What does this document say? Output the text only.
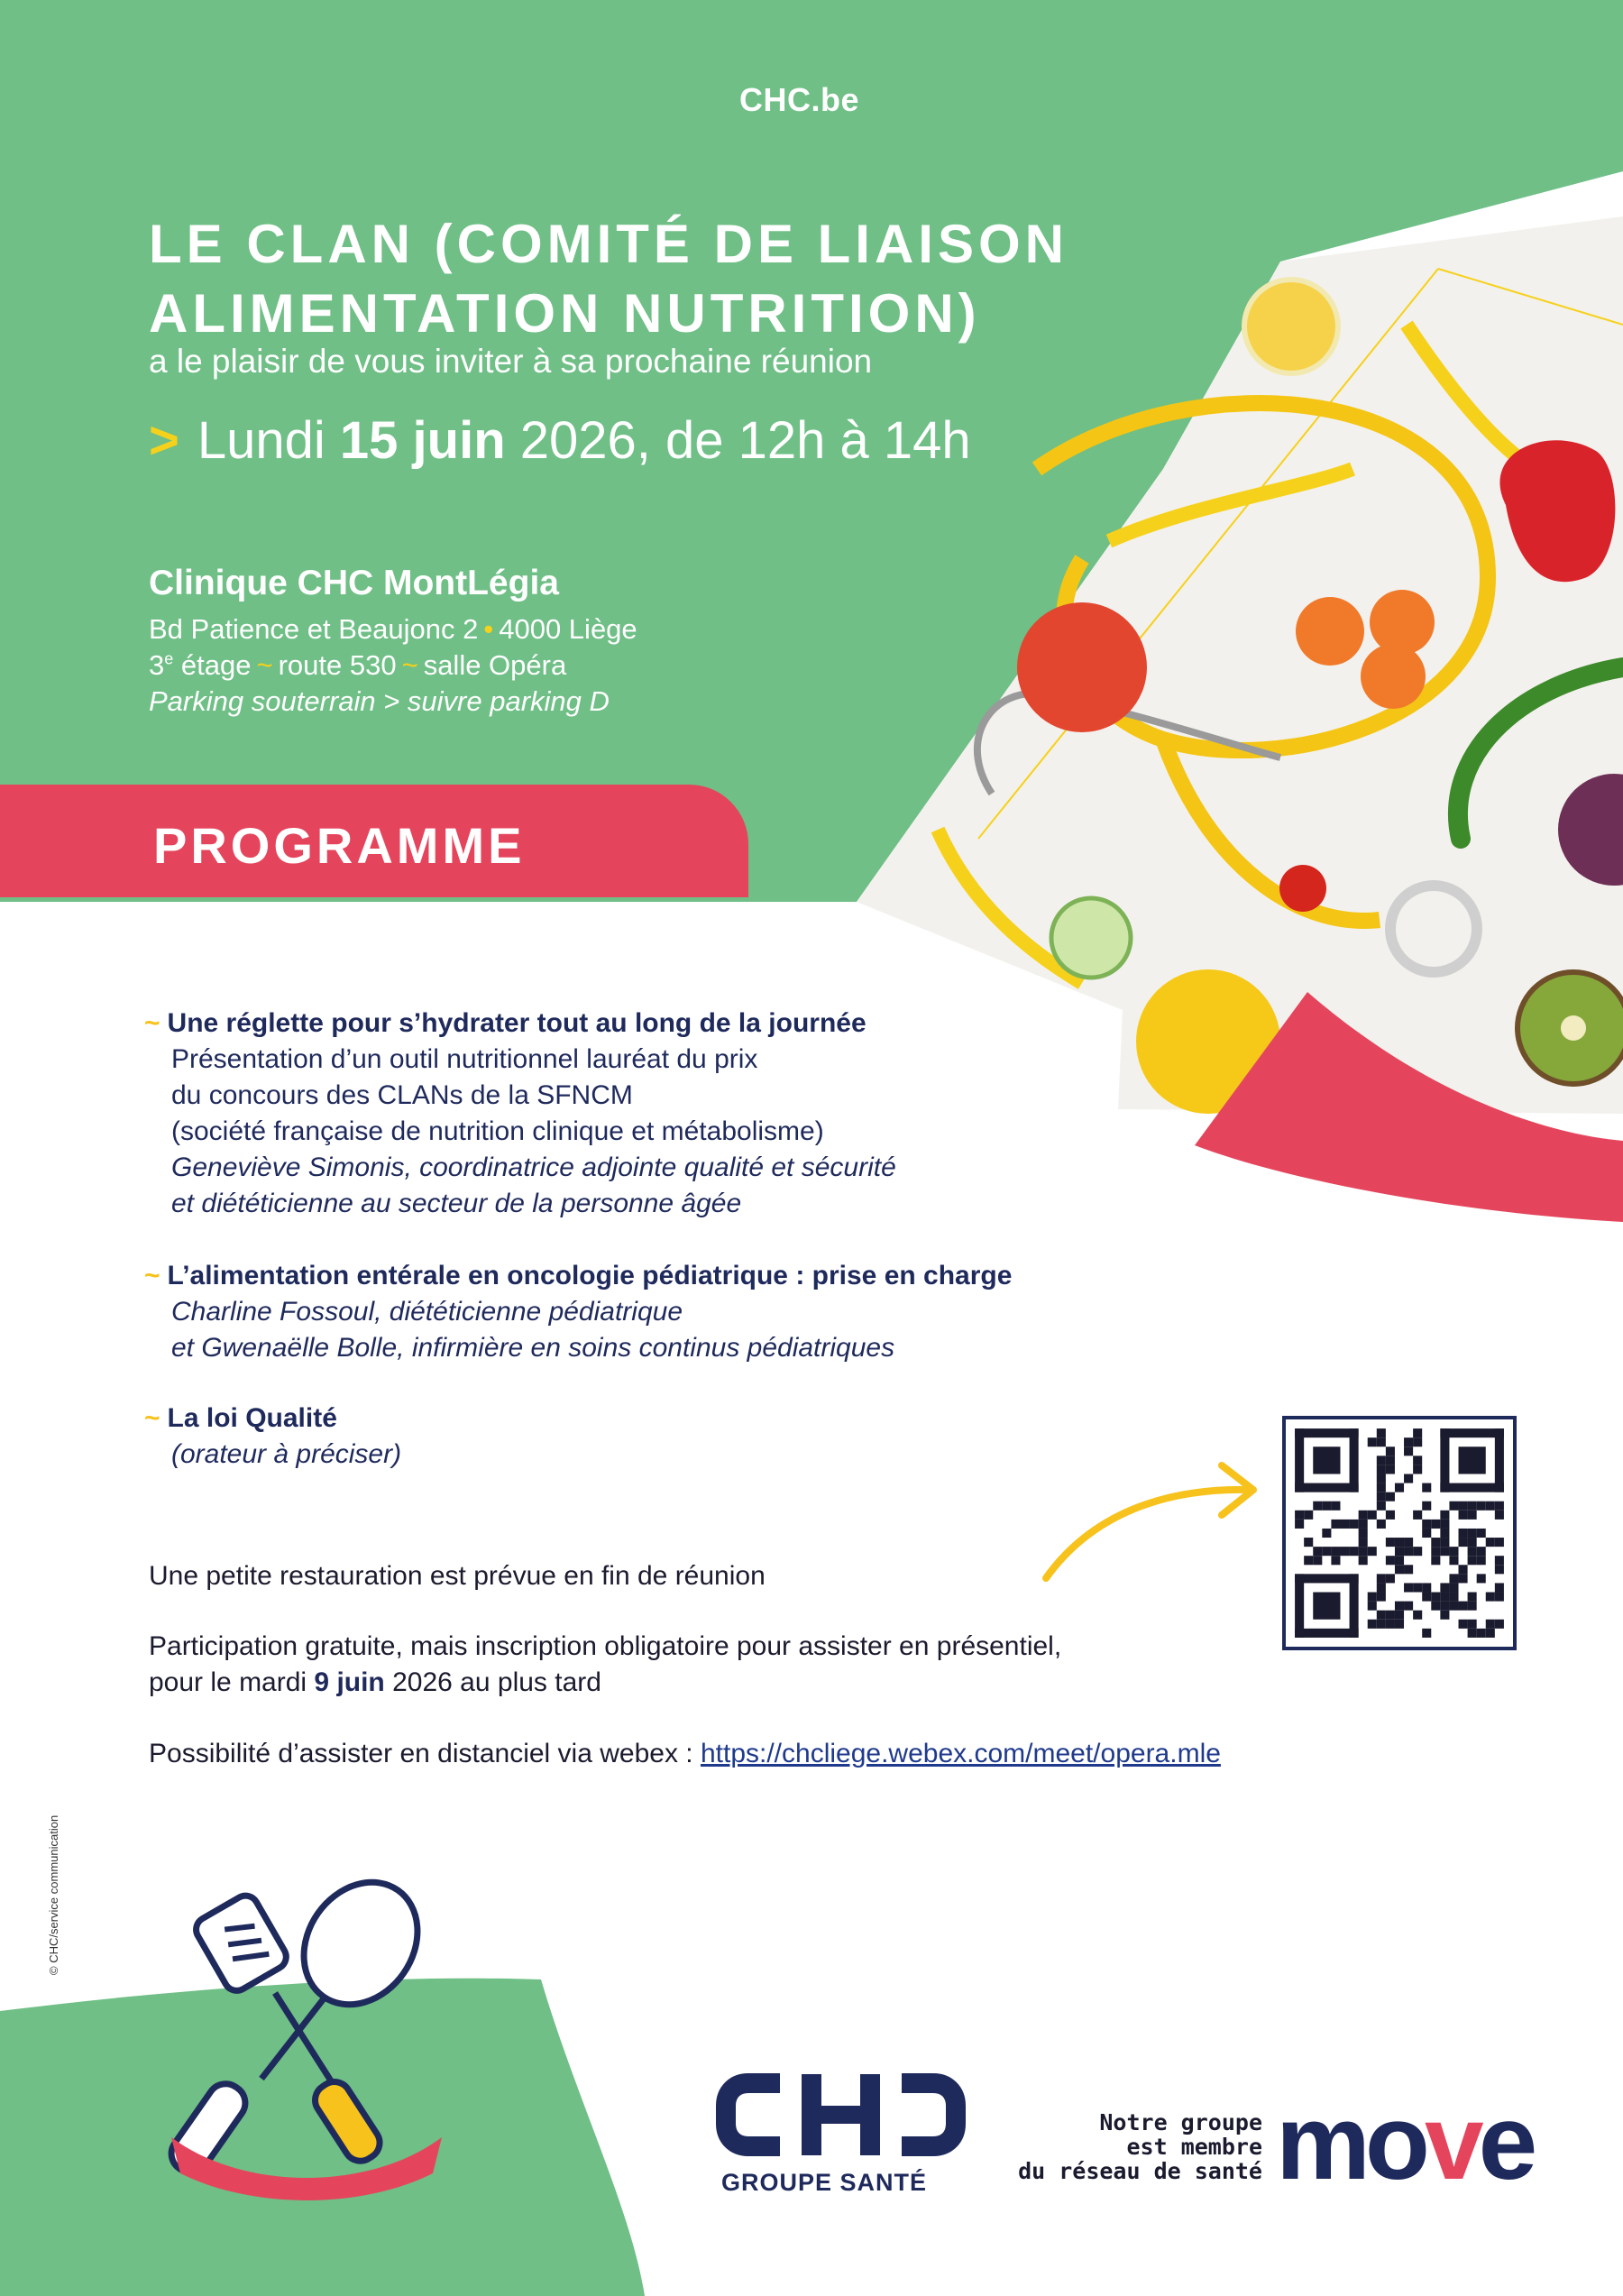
CHC.be
LE CLAN (COMITÉ DE LIAISON
ALIMENTATION NUTRITION)
a le plaisir de vous inviter à sa prochaine réunion
> Lundi 15 juin 2026, de 12h à 14h
Clinique CHC MontLégia
Bd Patience et Beaujonc 2 • 4000 Liège
3e étage ~ route 530 ~ salle Opéra
Parking souterrain > suivre parking D
PROGRAMME
~ Une réglette pour s’hydrater tout au long de la journée
Présentation d’un outil nutritionnel lauréat du prix
du concours des CLANs de la SFNCM
(société française de nutrition clinique et métabolisme)
Geneviève Simonis, coordinatrice adjointe qualité et sécurité
et diététicienne au secteur de la personne âgée
~ L’alimentation entérale en oncologie pédiatrique : prise en charge
Charline Fossoul, diététicienne pédiatrique
et Gwenaëlle Bolle, infirmière en soins continus pédiatriques
~ La loi Qualité
(orateur à préciser)
Une petite restauration est prévue en fin de réunion
Participation gratuite, mais inscription obligatoire pour assister en présentiel,
pour le mardi 9 juin 2026 au plus tard
Possibilité d’assister en distanciel via webex : https://chcliege.webex.com/meet/opera.mle
© CHC/service communication
GROUPE SANTÉ
Notre groupe
est membre
du réseau de santé move
